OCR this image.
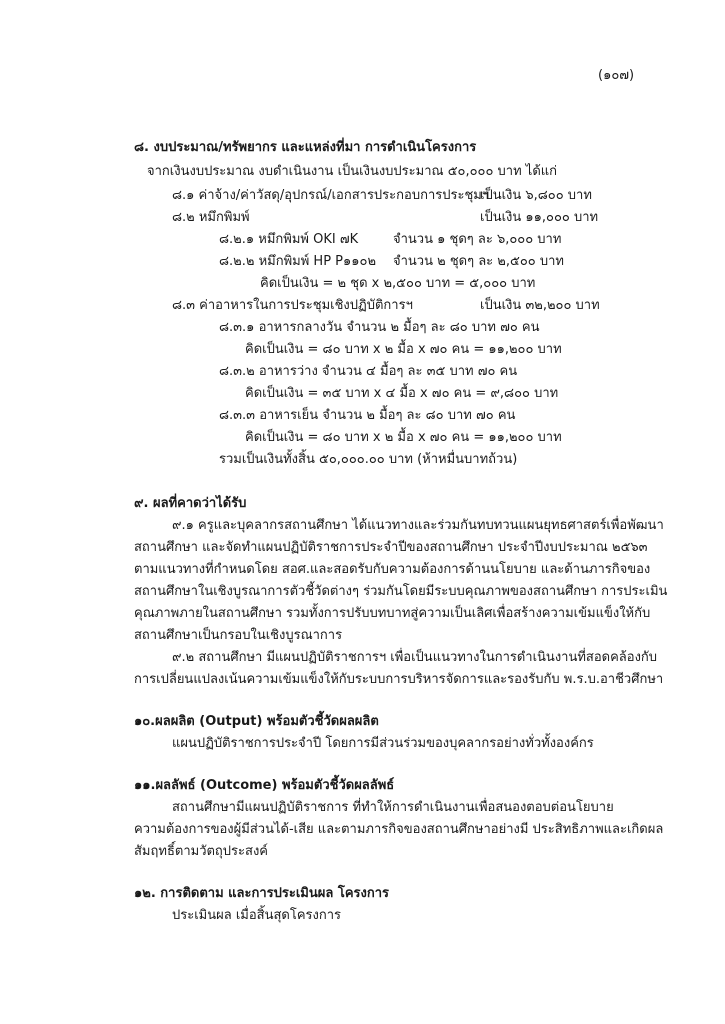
(๑๐๗)
๘. งบประมาณ/ทรัพยากร และแหล่งที่มา การดำเนินโครงการ
จากเงินงบประมาณ งบดำเนินงาน เป็นเงินงบประมาณ ๕๐,๐๐๐ บาท ได้แก่
๘.๑ ค่าจ้าง/ค่าวัสดุ/อุปกรณ์/เอกสารประกอบการประชุมฯ
เป็นเงิน ๖,๘๐๐ บาท
๘.๒ หมึกพิมพ์	เป็นเงิน ๑๑,๐๐๐ บาท
๘.๒.๑ หมึกพิมพ์ OKI ๗K	จำนวน ๑ ชุดๆ ละ ๖,๐๐๐ บาท
๘.๒.๒ หมึกพิมพ์ HP P๑๑๐๒ จำนวน ๒ ชุดๆ ละ ๒,๕๐๐ บาท
คิดเป็นเงิน = ๒ ชุด x ๒,๕๐๐ บาท = ๕,๐๐๐ บาท
๘.๓ ค่าอาหารในการประชุมเชิงปฏิบัติการฯ	เป็นเงิน ๓๒,๒๐๐ บาท
๘.๓.๑ อาหารกลางวัน จำนวน ๒ มื้อๆ ละ ๘๐ บาท ๗๐ คน
คิดเป็นเงิน = ๘๐ บาท x ๒ มื้อ x ๗๐ คน = ๑๑,๒๐๐ บาท
๘.๓.๒ อาหารว่าง จำนวน ๔ มื้อๆ ละ ๓๕ บาท ๗๐ คน
คิดเป็นเงิน = ๓๕ บาท x ๔ มื้อ x ๗๐ คน = ๙,๘๐๐ บาท
๘.๓.๓ อาหารเย็น จำนวน ๒ มื้อๆ ละ ๘๐ บาท ๗๐ คน
คิดเป็นเงิน = ๘๐ บาท x ๒ มื้อ x ๗๐ คน = ๑๑,๒๐๐ บาท
รวมเป็นเงินทั้งสิ้น ๕๐,๐๐๐.๐๐ บาท (ห้าหมื่นบาทถ้วน)
๙. ผลที่คาดว่าได้รับ
๙.๑ ครูและบุคลากรสถานศึกษา ได้แนวทางและร่วมกันทบทวนแผนยุทธศาสตร์เพื่อพัฒนา
สถานศึกษา และจัดทำแผนปฏิบัติราชการประจำปีของสถานศึกษา ประจำปีงบประมาณ ๒๕๖๓
ตามแนวทางที่กำหนดโดย สอศ.และสอดรับกับความต้องการด้านนโยบาย และด้านภารกิจของ
สถานศึกษาในเชิงบูรณาการตัวชี้วัดต่างๆ ร่วมกันโดยมีระบบคุณภาพของสถานศึกษา การประเมิน
คุณภาพภายในสถานศึกษา รวมทั้งการปรับบทบาทสู่ความเป็นเลิศเพื่อสร้างความเข้มแข็งให้กับ
สถานศึกษาเป็นกรอบในเชิงบูรณาการ
๙.๒ สถานศึกษา มีแผนปฏิบัติราชการฯ เพื่อเป็นแนวทางในการดำเนินงานที่สอดคล้องกับ
การเปลี่ยนแปลงเน้นความเข้มแข็งให้กับระบบการบริหารจัดการและรองรับกับ พ.ร.บ.อาชีวศึกษา
๑๐.ผลผลิต (Output) พร้อมตัวชี้วัดผลผลิต
แผนปฏิบัติราชการประจำปี โดยการมีส่วนร่วมของบุคลากรอย่างทั่วทั้งองค์กร
๑๑.ผลลัพธ์ (Outcome) พร้อมตัวชี้วัดผลลัพธ์
สถานศึกษามีแผนปฏิบัติราชการ ที่ทำให้การดำเนินงานเพื่อสนองตอบต่อนโยบาย
ความต้องการของผู้มีส่วนได้-เสีย และตามภารกิจของสถานศึกษาอย่างมี ประสิทธิภาพและเกิดผล
สัมฤทธิ์ตามวัตถุประสงค์
๑๒. การติดตาม และการประเมินผล โครงการ
ประเมินผล เมื่อสิ้นสุดโครงการ
